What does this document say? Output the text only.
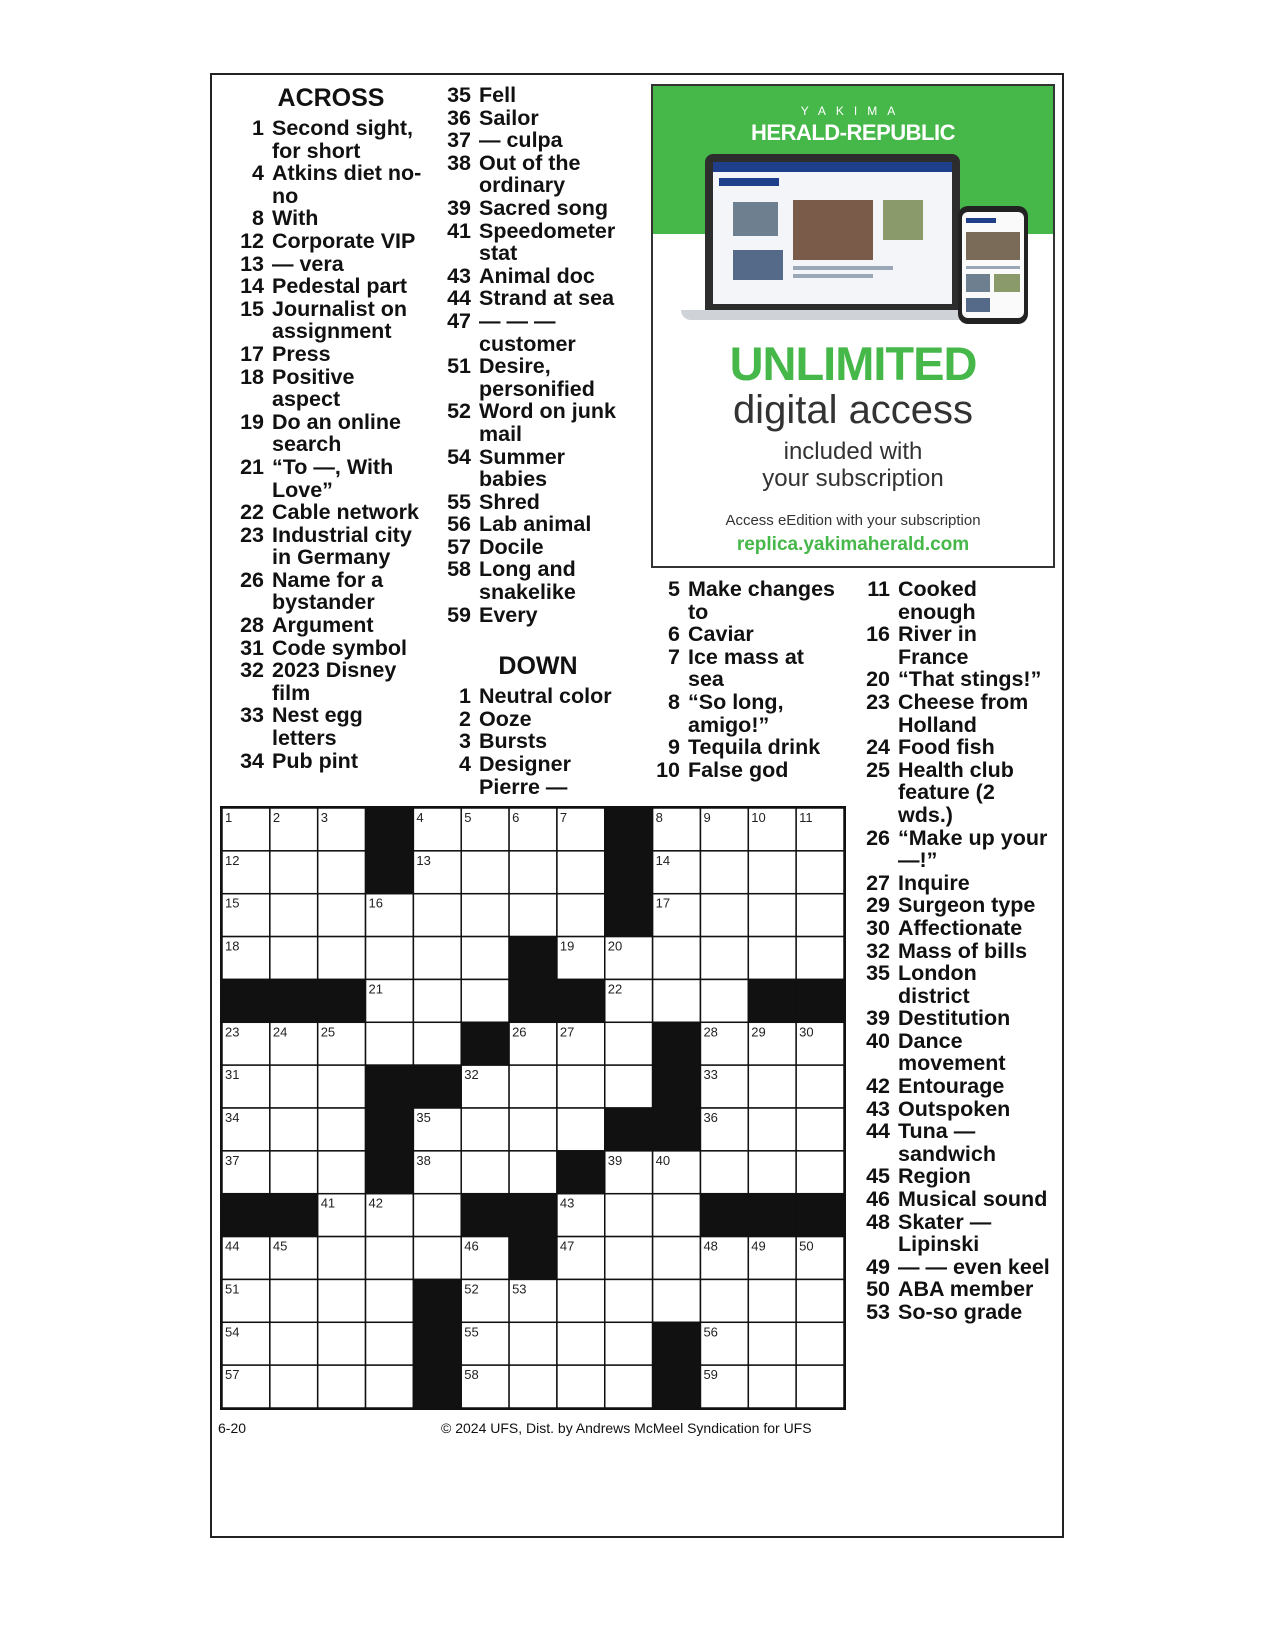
ACROSS
1 Second sight, for short
4 Atkins diet no-no
8 With
12 Corporate VIP
13 — vera
14 Pedestal part
15 Journalist on assignment
17 Press
18 Positive aspect
19 Do an online search
21 “To —, With Love”
22 Cable network
23 Industrial city in Germany
26 Name for a bystander
28 Argument
31 Code symbol
32 2023 Disney film
33 Nest egg letters
34 Pub pint
35 Fell
36 Sailor
37 — culpa
38 Out of the ordinary
39 Sacred song
41 Speedometer stat
43 Animal doc
44 Strand at sea
47 — — — customer
51 Desire, personified
52 Word on junk mail
54 Summer babies
55 Shred
56 Lab animal
57 Docile
58 Long and snakelike
59 Every
DOWN
1 Neutral color
2 Ooze
3 Bursts
4 Designer Pierre —
5 Make changes to
6 Caviar
7 Ice mass at sea
8 “So long, amigo!”
9 Tequila drink
10 False god
11 Cooked enough
16 River in France
20 “That stings!”
23 Cheese from Holland
24 Food fish
25 Health club feature (2 wds.)
26 “Make up your —!”
27 Inquire
29 Surgeon type
30 Affectionate
32 Mass of bills
35 London district
39 Destitution
40 Dance movement
42 Entourage
43 Outspoken
44 Tuna — sandwich
45 Region
46 Musical sound
48 Skater — Lipinski
49 — — even keel
50 ABA member
53 So-so grade
YAKIMA
HERALD-REPUBLIC
UNLIMITED
digital access
included with
your subscription
Access eEdition with your subscription
replica.yakimaherald.com
1	2	3	4	5	6	7	8	9	10	11
12	13	14
15	16	17
18	19	20
21	22
23	24	25	26	27	28	29	30
31	32	33
34	35	36
37	38	39	40
41	42	43
44	45	46	47	48	49	50
51	52	53
54	55	56
57	58	59
6-20	© 2024 UFS, Dist. by Andrews McMeel Syndication for UFS
